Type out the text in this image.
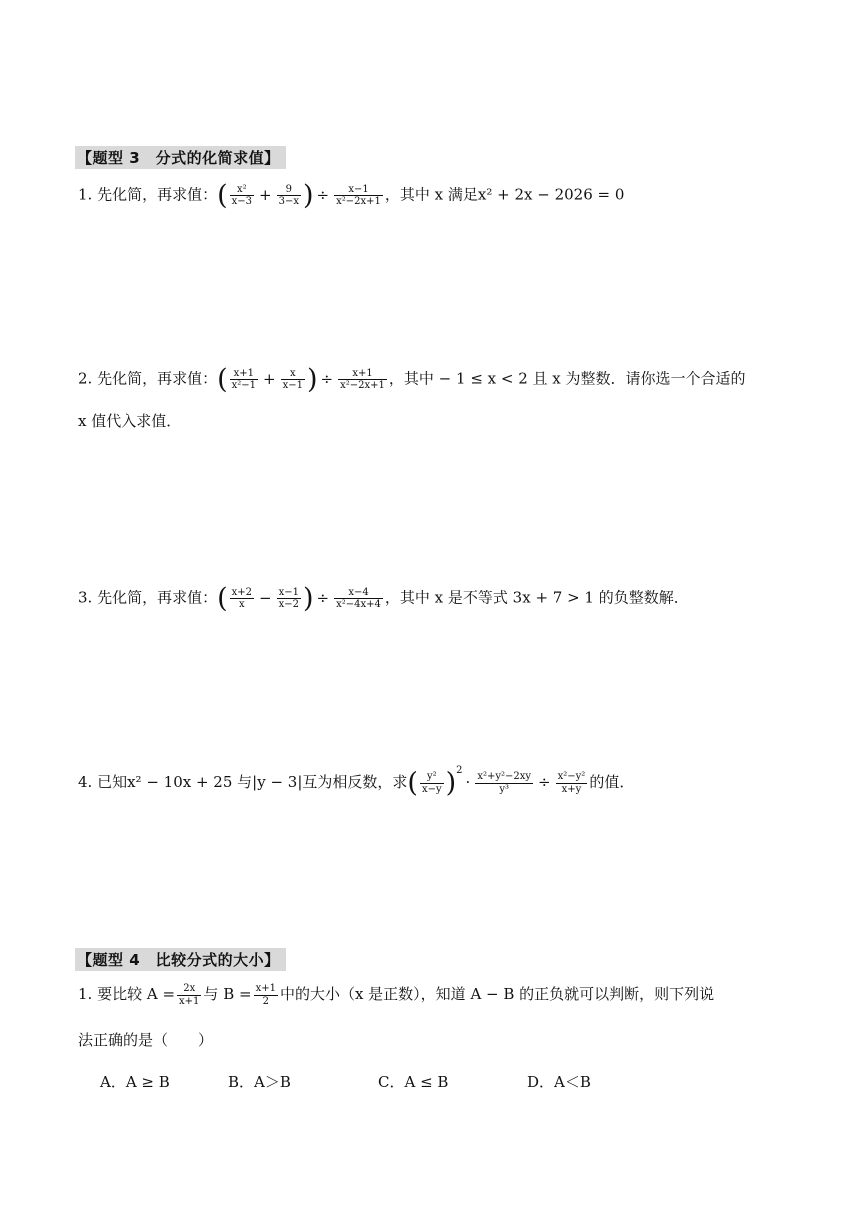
【题型 3　分式的化简求值】
1. 先化简，再求值：( $\frac{\text{x²}}{x-3} + \frac{9}{3-x}$ ) ÷ $\frac{x-1}{\text{x²−2x+1}}$ ，其中 x 满足x² + 2x − 2026 = 0
2. 先化简，再求值：( $\frac{x+1}{\text{x²−1}} + \frac{x}{x-1}$ ) ÷ $\frac{x+1}{\text{x²−2x+1}}$ ，其中 − 1 ≤ x < 2 且 x 为整数．请你选一个合适的
x 值代入求值．
3. 先化简，再求值：( $\frac{x+2}{x} - \frac{x-1}{x-2}$ ) ÷ $\frac{x-4}{\text{x²−4x+4}}$ ，其中 x 是不等式 3x + 7 > 1 的负整数解．
4. 已知x² − 10x + 25 与|y − 3|互为相反数，求( $\frac{\text{y²}}{x-y} )^2\cdot \frac{\text{x²+y²−2xy}}{\text{y³}} \div \frac{\text{x²−y²}}{x+y}$ 的值．
【题型 4　比较分式的大小】
1. 要比较 $A = \frac{2x}{x+1}$ 与 $B = \frac{x+1}{2}$ 中的大小（x 是正数），知道 A − B 的正负就可以判断，则下列说
法正确的是（　　）
A．A ≥ B	B．A＞B	C．A ≤ B	D．A＜B
